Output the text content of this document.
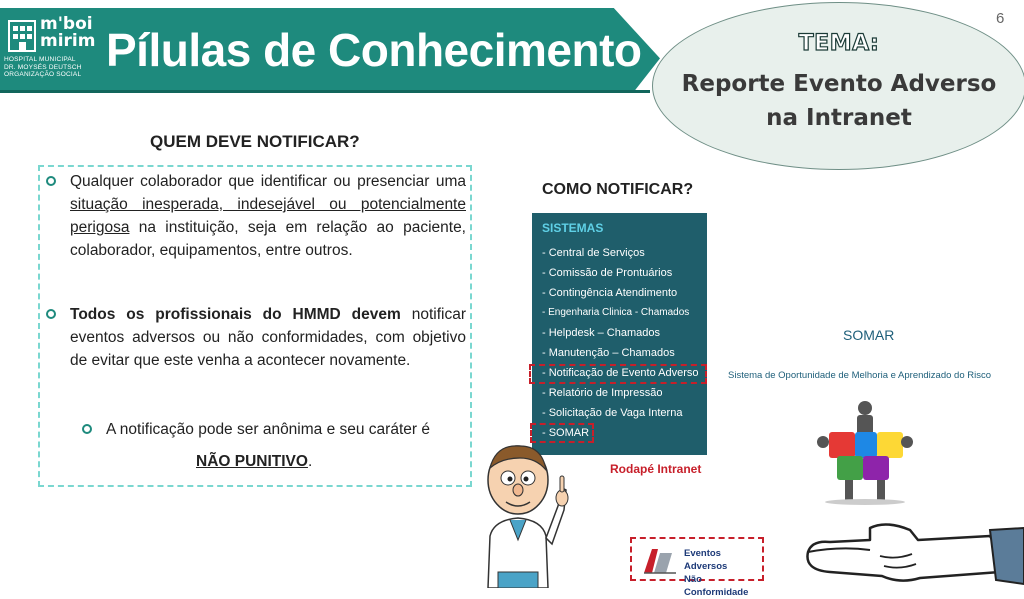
m'boi
mirim
HOSPITAL MUNICIPAL
DR. MOYSÉS DEUTSCH
ORGANIZAÇÃO SOCIAL Pílulas de Conhecimento	TEMA:
Reporte Evento Adverso
na Intranet
6
QUEM DEVE NOTIFICAR?
Qualquer colaborador que identificar ou presenciar uma situação inesperada, indesejável ou potencialmente perigosa na instituição, seja em relação ao paciente, colaborador, equipamentos, entre outros.
Todos os profissionais do HMMD devem notificar eventos adversos ou não conformidades, com objetivo de evitar que este venha a acontecer novamente.
A notificação pode ser anônima e seu caráter é
NÃO PUNITIVO.
COMO NOTIFICAR?
SISTEMAS
- Central de Serviços
- Comissão de Prontuários
- Contingência Atendimento
- Engenharia Clinica - Chamados
- Helpdesk – Chamados
- Manutenção – Chamados
- Notificação de Evento Adverso
- Relatório de Impressão
- Solicitação de Vaga Interna
- SOMAR
Rodapé Intranet
Eventos Adversos
Não Conformidade
SOMAR
Sistema de Oportunidade de Melhoria e Aprendizado do Risco
